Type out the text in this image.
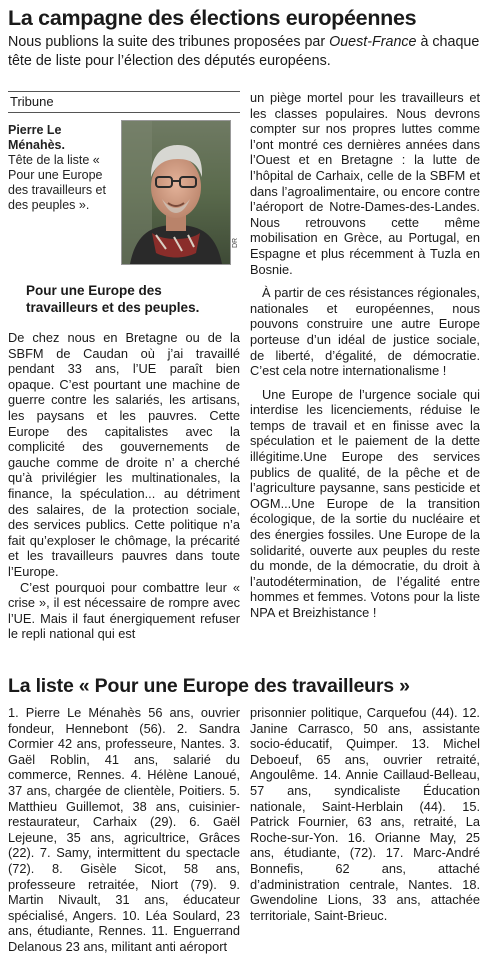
La campagne des élections européennes

Nous publions la suite des tribunes proposées par Ouest-France à chaque tête de liste pour l’élection des députés européens.

Tribune
Pierre Le Ménahès.
Tête de la liste « Pour une Europe des travailleurs et des peuples ».
DR
Pour une Europe des travailleurs et des peuples.

De chez nous en Bretagne ou de la SBFM de Caudan où j’ai travaillé pendant 33 ans, l’UE paraît bien opaque. C’est pourtant une machine de guerre contre les salariés, les artisans, les paysans et les pauvres. Cette Europe des capitalistes avec la complicité des gouvernements de gauche comme de droite n’ a cherché qu’à privilégier les multinationales, la finance, la spéculation... au détriment des salaires, de la protection sociale, des services publics. Cette politique n’a fait qu’exploser le chômage, la précarité et les travailleurs pauvres dans toute l’Europe.

C’est pourquoi pour combattre leur « crise », il est nécessaire de rompre avec l’UE. Mais il faut énergiquement refuser le repli national qui est

un piège mortel pour les travailleurs et les classes populaires. Nous devrons compter sur nos propres luttes comme l’ont montré ces dernières années dans l’Ouest et en Bretagne : la lutte de l’hôpital de Carhaix, celle de la SBFM et dans l’agroalimentaire, ou encore contre l’aéroport de Notre-Dames-des-Landes. Nous retrouvons cette même mobilisation en Grèce, au Portugal, en Espagne et plus récemment à Tuzla en Bosnie.

À partir de ces résistances régionales, nationales et européennes, nous pouvons construire une autre Europe porteuse d’un idéal de justice sociale, de liberté, d’égalité, de démocratie. C’est cela notre internationalisme !

Une Europe de l’urgence sociale qui interdise les licenciements, réduise le temps de travail et en finisse avec la spéculation et le paiement de la dette illégitime.Une Europe des services publics de qualité, de la pêche et de l’agriculture paysanne, sans pesticide et OGM...Une Europe de la transition écologique, de la sortie du nucléaire et des énergies fossiles. Une Europe de la solidarité, ouverte aux peuples du reste du monde, de la démocratie, du droit à l’autodétermination, de l’égalité entre hommes et femmes. Votons pour la liste NPA et Breizhistance !

La liste « Pour une Europe des travailleurs »

1. Pierre Le Ménahès 56 ans, ouvrier fondeur, Hennebont (56). 2. Sandra Cormier 42 ans, professeure, Nantes. 3. Gaël Roblin, 41 ans, salarié du commerce, Rennes. 4. Hélène Lanoué, 37 ans, chargée de clientèle, Poitiers. 5. Matthieu Guillemot, 38 ans, cuisinier-restaurateur, Carhaix (29). 6. Gaël Lejeune, 35 ans, agricultrice, Grâces (22). 7. Samy, intermittent du spectacle (72). 8. Gisèle Sicot, 58 ans, professeure retraitée, Niort (79). 9. Martin Nivault, 31 ans, éducateur spécialisé, Angers. 10. Léa Soulard, 23 ans, étudiante, Rennes. 11. Enguerrand Delanous 23 ans, militant anti aéroport

prisonnier politique, Carquefou (44). 12. Janine Carrasco, 50 ans, assistante socio-éducatif, Quimper. 13. Michel Deboeuf, 65 ans, ouvrier retraité, Angoulême. 14. Annie Caillaud-Belleau, 57 ans, syndicaliste Éducation nationale, Saint-Herblain (44). 15. Patrick Fournier, 63 ans, retraité, La Roche-sur-Yon. 16. Orianne May, 25 ans, étudiante, (72). 17. Marc-André Bonnefis, 62 ans, attaché d’administration centrale, Nantes. 18. Gwendoline Lions, 33 ans, attachée territoriale, Saint-Brieuc.
